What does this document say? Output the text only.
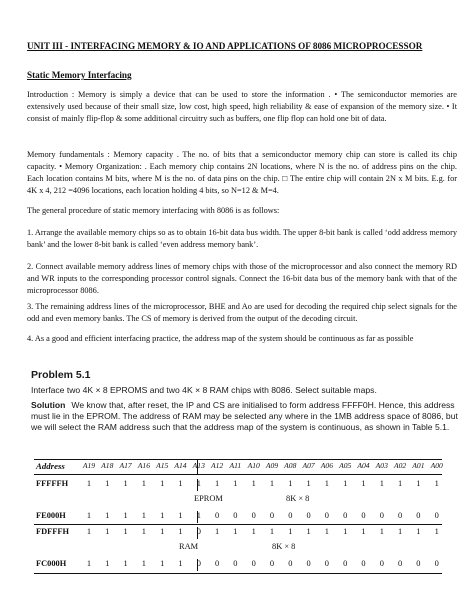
UNIT III - INTERFACING MEMORY & IO AND APPLICATIONS OF 8086 MICROPROCESSOR
Static Memory Interfacing

Introduction : Memory is simply a device that can be used to store the information . • The semiconductor memories are extensively used because of their small size, low cost, high speed, high reliability & ease of expansion of the memory size. • It consist of mainly flip-flop & some additional circuitry such as buffers, one flip flop can hold one bit of data.

Memory fundamentals : Memory capacity . The no. of bits that a semiconductor memory chip can store is called its chip capacity. • Memory Organization: . Each memory chip contains 2N locations, where N is the no. of address pins on the chip. Each location contains M bits, where M is the no. of data pins on the chip. □ The entire chip will contain 2N x M bits. E.g. for 4K x 4, 212 =4096 locations, each location holding 4 bits, so N=12 & M=4.

The general procedure of static memory interfacing with 8086 is as follows:

1. Arrange the available memory chips so as to obtain 16-bit data bus width. The upper 8-bit bank is called ‘odd address memory bank’ and the lower 8-bit bank is called ‘even address memory bank’.

2. Connect available memory address lines of memory chips with those of the microprocessor and also connect the memory RD and WR inputs to the corresponding processor control signals. Connect the 16-bit data bus of the memory bank with that of the microprocessor 8086.

3. The remaining address lines of the microprocessor, BHE and Ao are used for decoding the required chip select signals for the odd and even memory banks. The CS of memory is derived from the output of the decoding circuit.

4. As a good and efficient interfacing practice, the address map of the system should be continuous as far as possible

Problem 5.1
Interface two 4K × 8 EPROMS and two 4K × 8 RAM chips with 8086. Select suitable maps.

Solution We know that, after reset, the IP and CS are initialised to form address FFFF0H. Hence, this address must lie in the EPROM. The address of RAM may be selected any where in the 1MB address space of 8086, but we will select the RAM address such that the address map of the system is continuous, as shown in Table 5.1.

Address A19 A18 A17 A16 A15 A14 A13 A12 A11 A10 A09 A08 A07 A06 A05 A04 A03 A02 A01 A00
FFFFFH	1	1	1	1	1	1	1	1	1	1	1	1	1	1	1	1	1	1	1	1
EPROM	8K × 8
FE000H	1	1	1	1	1	1	1	0	0	0	0	0	0	0	0	0	0	0	0	0
FDFFFH	1	1	1	1	1	1	0	1	1	1	1	1	1	1	1	1	1	1	1	1
RAM	8K × 8
FC000H	1	1	1	1	1	1	0	0	0	0	0	0	0	0	0	0	0	0	0	0
